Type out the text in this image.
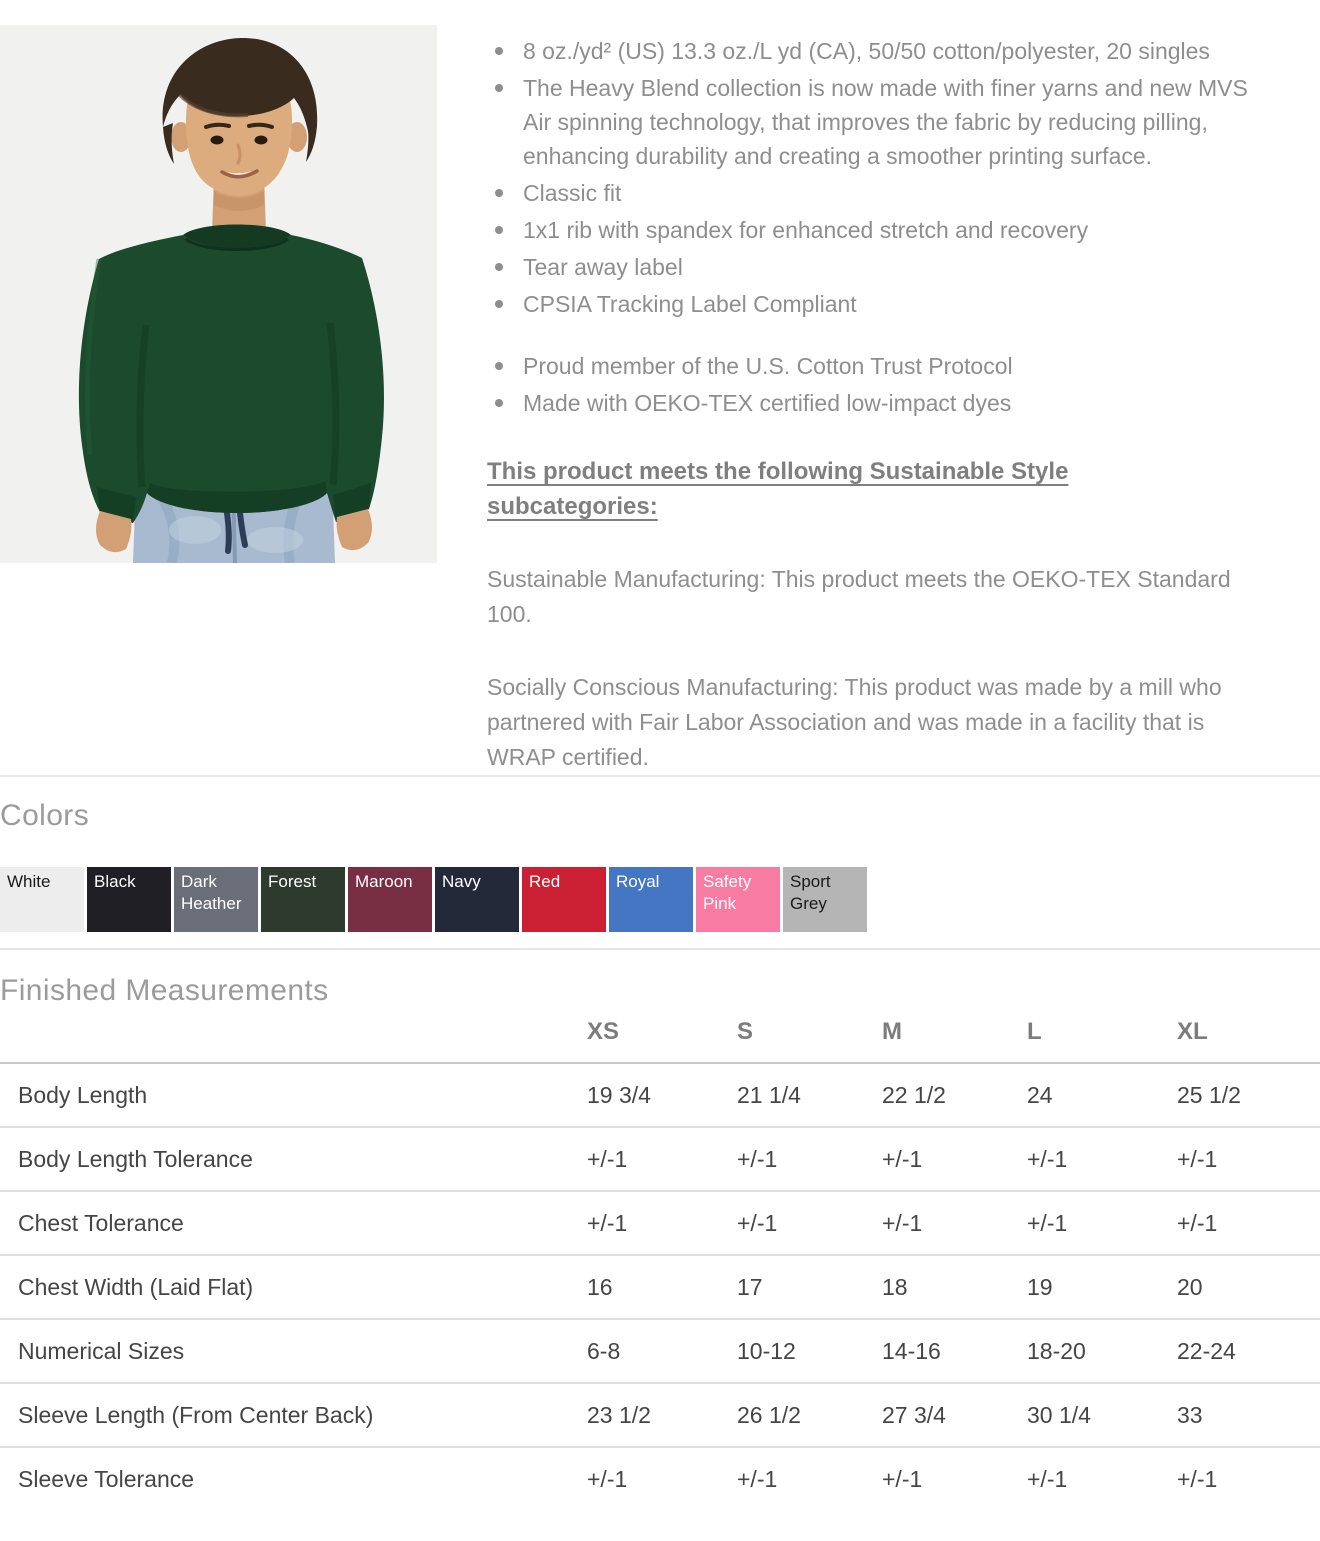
8 oz./yd² (US) 13.3 oz./L yd (CA), 50/50 cotton/polyester, 20 singles
The Heavy Blend collection is now made with finer yarns and new MVS Air spinning technology, that improves the fabric by reducing pilling, enhancing durability and creating a smoother printing surface.
Classic fit
1x1 rib with spandex for enhanced stretch and recovery
Tear away label
CPSIA Tracking Label Compliant
Proud member of the U.S. Cotton Trust Protocol
Made with OEKO-TEX certified low-impact dyes
This product meets the following Sustainable Style subcategories:

Sustainable Manufacturing: This product meets the OEKO-TEX Standard 100.

Socially Conscious Manufacturing: This product was made by a mill who partnered with Fair Labor Association and was made in a facility that is WRAP certified.

Colors
White	Black	Dark Heather
Forest	Maroon	Navy	Red	Royal	Safety Pink
Sport Grey
Finished Measurements
	XS	S	M	L	XL	
Body Length	19 3/4	21 1/4	22 1/2	24	25 1/2	
Body Length Tolerance	+/-1	+/-1	+/-1	+/-1	+/-1	
Chest Tolerance	+/-1	+/-1	+/-1	+/-1	+/-1	
Chest Width (Laid Flat)	16	17	18	19	20	
Numerical Sizes	6-8	10-12	14-16	18-20	22-24	
Sleeve Length (From Center Back)	23 1/2	26 1/2	27 3/4	30 1/4	33	
Sleeve Tolerance	+/-1	+/-1	+/-1	+/-1	+/-1	
